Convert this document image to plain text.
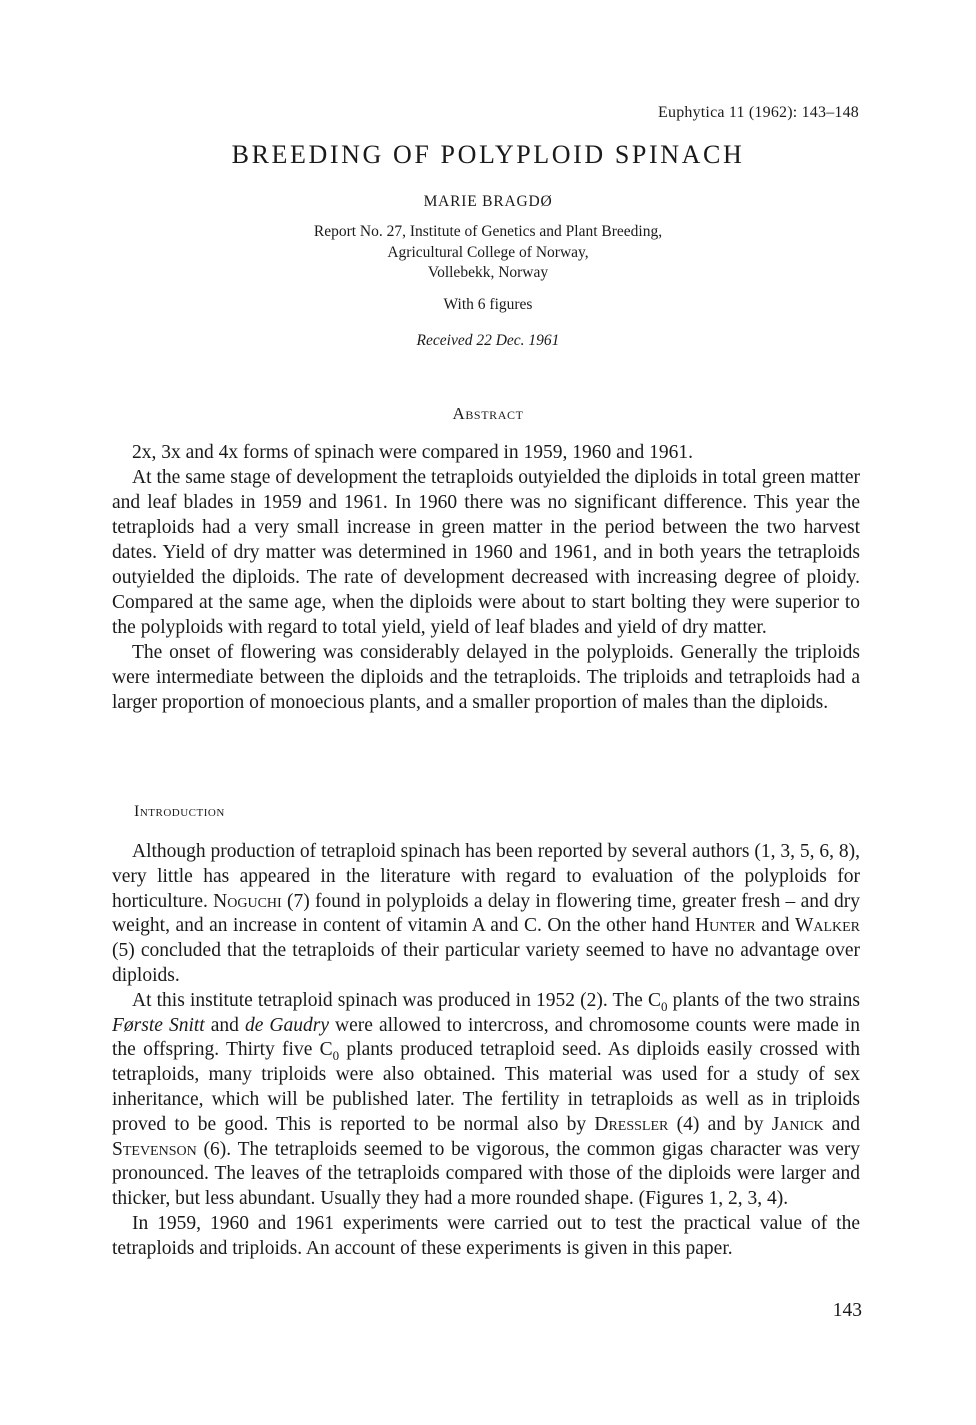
Euphytica 11 (1962): 143–148
BREEDING OF POLYPLOID SPINACH
MARIE BRAGDØ
Report No. 27, Institute of Genetics and Plant Breeding,
Agricultural College of Norway,
Vollebekk, Norway
With 6 figures
Received 22 Dec. 1961
Abstract

2x, 3x and 4x forms of spinach were compared in 1959, 1960 and 1961.

At the same stage of development the tetraploids outyielded the diploids in total green matter and leaf blades in 1959 and 1961. In 1960 there was no significant difference. This year the tetraploids had a very small increase in green matter in the period between the two harvest dates. Yield of dry matter was determined in 1960 and 1961, and in both years the tetraploids outyielded the diploids. The rate of development decreased with increasing degree of ploidy. Compared at the same age, when the diploids were about to start bolting they were superior to the polyploids with regard to total yield, yield of leaf blades and yield of dry matter.

The onset of flowering was considerably delayed in the polyploids. Generally the triploids were intermediate between the diploids and the tetraploids. The triploids and tetraploids had a larger proportion of monoecious plants, and a smaller proportion of males than the diploids.

Introduction

Although production of tetraploid spinach has been reported by several authors (1, 3, 5, 6, 8), very little has appeared in the literature with regard to evaluation of the polyploids for horticulture. Noguchi (7) found in polyploids a delay in flowering time, greater fresh – and dry weight, and an increase in content of vitamin A and C. On the other hand Hunter and Walker (5) concluded that the tetraploids of their particular variety seemed to have no advantage over diploids.

At this institute tetraploid spinach was produced in 1952 (2). The $C_0$ plants of the two strains Første Snitt and de Gaudry were allowed to intercross, and chromosome counts were made in the offspring. Thirty five $C_0$ plants produced tetraploid seed. As diploids easily crossed with tetraploids, many triploids were also obtained. This material was used for a study of sex inheritance, which will be published later. The fertility in tetraploids as well as in triploids proved to be good. This is reported to be normal also by Dressler (4) and by Janick and Stevenson (6). The tetraploids seemed to be vigorous, the common gigas character was very pronounced. The leaves of the tetraploids compared with those of the diploids were larger and thicker, but less abundant. Usually they had a more rounded shape. (Figures 1, 2, 3, 4).

In 1959, 1960 and 1961 experiments were carried out to test the practical value of the tetraploids and triploids. An account of these experiments is given in this paper.

143
